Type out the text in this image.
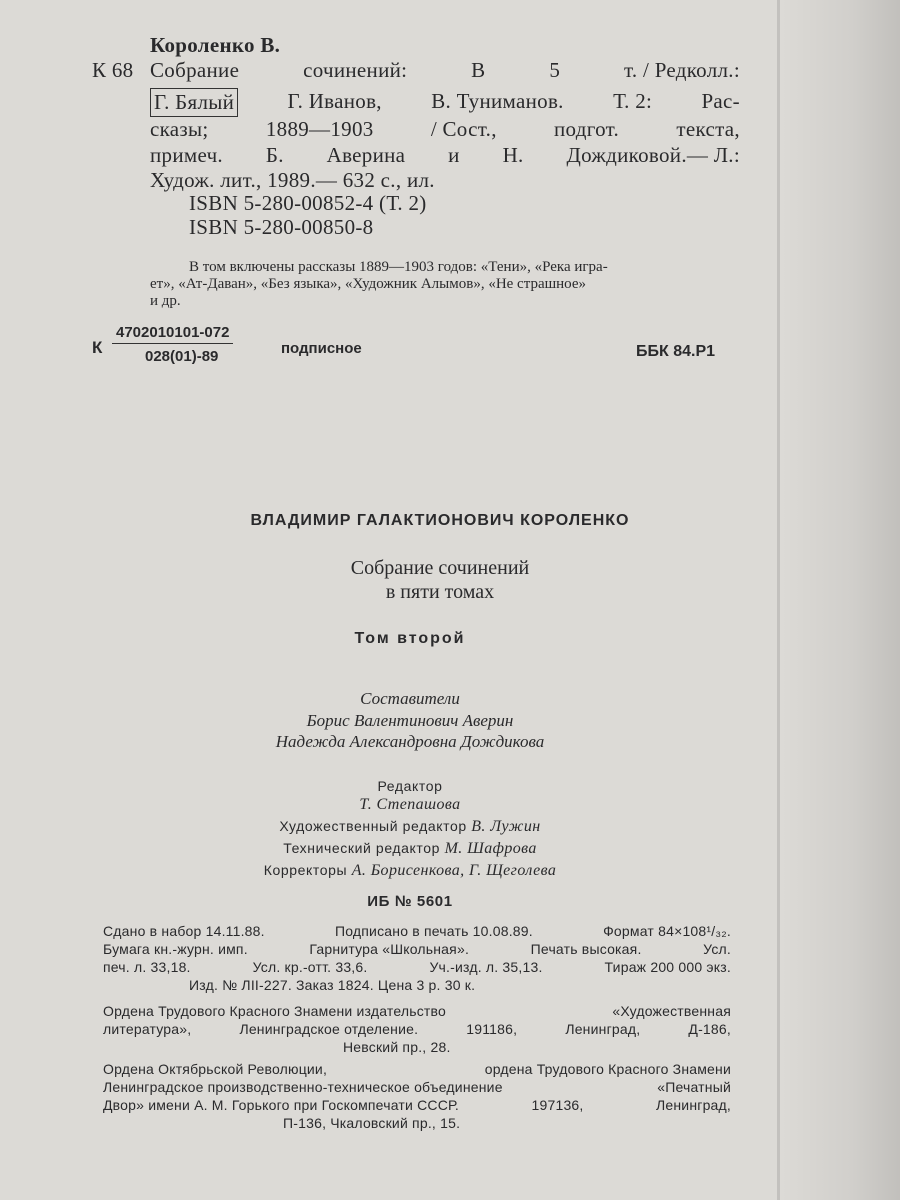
Короленко В.
К 68 Собрание	сочинений:	В	5	т. / Редколл.:
Г. Бялый	Г. Иванов, В. Туниманов. Т. 2: Рас-
сказы;	1889—1903	/ Сост.,	подгот.	текста,
примеч. Б. Аверина и Н. Дождиковой.— Л.:
Худож. лит., 1989.— 632 с., ил.
ISBN 5-280-00852-4 (Т. 2)
ISBN 5-280-00850-8
В том включены рассказы 1889—1903 годов: «Тени», «Река игра-
ет», «Ат-Даван», «Без языка», «Художник Алымов», «Не страшное»
и др.
К
4702010101-072
028(01)-89	подписное	ББК 84.Р1
ВЛАДИМИР ГАЛАКТИОНОВИЧ КОРОЛЕНКО
Собрание сочинений
в пяти томах
Том второй
Составители
Борис Валентинович Аверин
Надежда Александровна Дождикова
Редактор
Т. Степашова
Художественный редактор В. Лужин
Технический редактор М. Шафрова
Корректоры А. Борисенкова, Г. Щеголева
ИБ № 5601
Сдано в набор 14.11.88.	Подписано в печать 10.08.89.	Формат 84×108¹/₃₂.
Бумага кн.-журн. имп.	Гарнитура «Школьная».	Печать высокая.	Усл.
печ. л. 33,18.	Усл. кр.-отт. 33,6.	Уч.-изд. л. 35,13.	Тираж 200 000 экз.
Изд. № ЛII-227. Заказ 1824. Цена 3 р. 30 к.
Ордена Трудового Красного Знамени издательство	«Художественная
литература»,	Ленинградское отделение.	191186,	Ленинград,	Д-186,
Невский пр., 28.
Ордена Октябрьской Революции,	ордена Трудового Красного Знамени
Ленинградское производственно-техническое объединение	«Печатный
Двор» имени А. М. Горького при Госкомпечати СССР.	197136,	Ленинград,
П-136, Чкаловский пр., 15.
